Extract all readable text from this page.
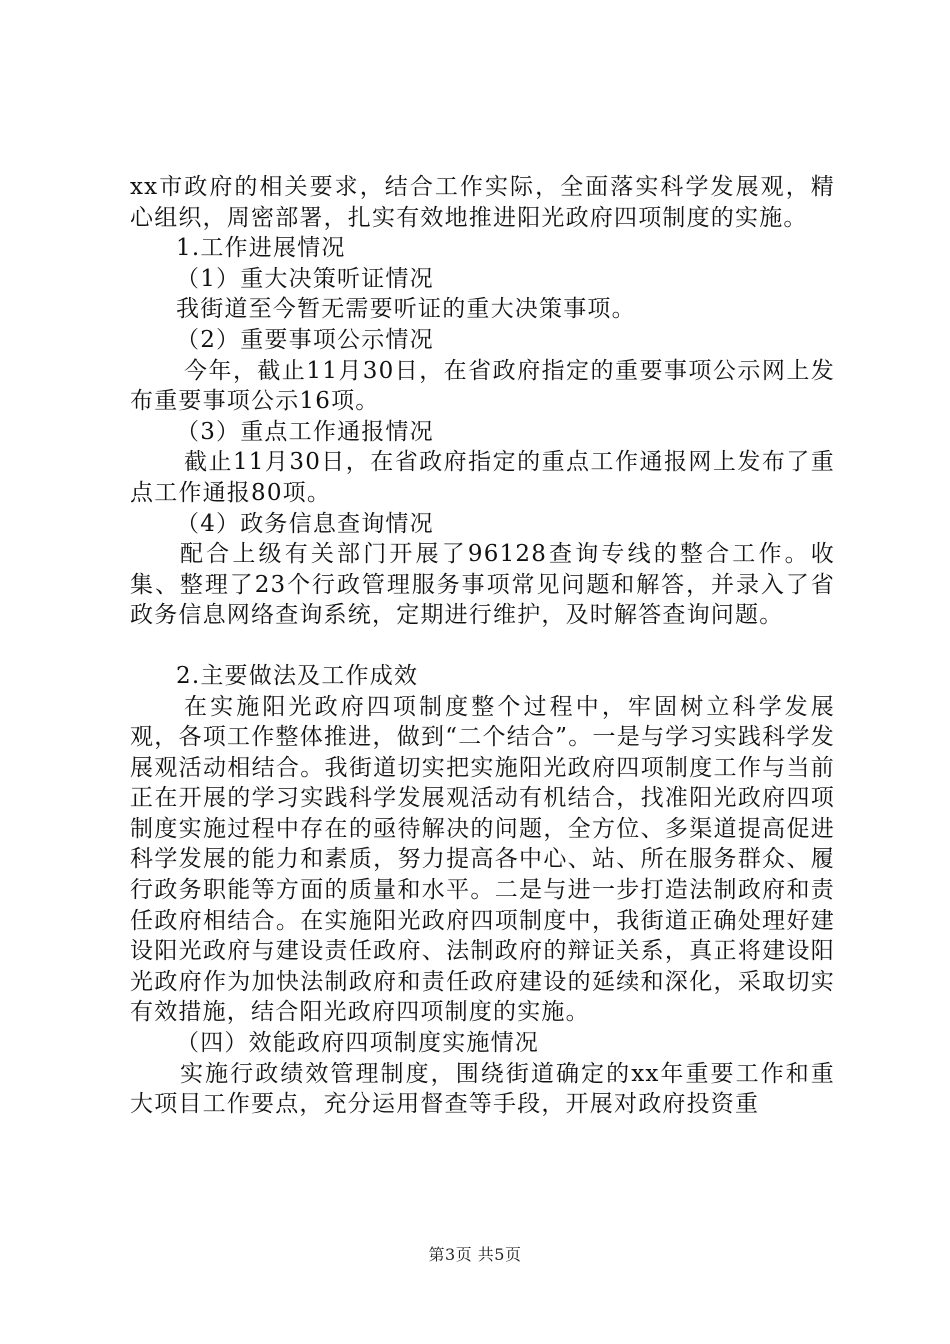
xx市政府的相关要求，结合工作实际，全面落实科学发展观，精心组织，周密部署，扎实有效地推进阳光政府四项制度的实施。

1.工作进展情况

（1）重大决策听证情况

我街道至今暂无需要听证的重大决策事项。

（2）重要事项公示情况

今年，截止11月30日，在省政府指定的重要事项公示网上发布重要事项公示16项。

（3）重点工作通报情况

截止11月30日，在省政府指定的重点工作通报网上发布了重点工作通报80项。

（4）政务信息查询情况

配合上级有关部门开展了96128查询专线的整合工作。收集、整理了23个行政管理服务事项常见问题和解答，并录入了省政务信息网络查询系统，定期进行维护，及时解答查询问题。

2.主要做法及工作成效

在实施阳光政府四项制度整个过程中，牢固树立科学发展观，各项工作整体推进，做到“二个结合”。一是与学习实践科学发展观活动相结合。我街道切实把实施阳光政府四项制度工作与当前正在开展的学习实践科学发展观活动有机结合，找准阳光政府四项制度实施过程中存在的亟待解决的问题，全方位、多渠道提高促进科学发展的能力和素质，努力提高各中心、站、所在服务群众、履行政务职能等方面的质量和水平。二是与进一步打造法制政府和责任政府相结合。在实施阳光政府四项制度中，我街道正确处理好建设阳光政府与建设责任政府、法制政府的辩证关系，真正将建设阳光政府作为加快法制政府和责任政府建设的延续和深化，采取切实有效措施，结合阳光政府四项制度的实施。

（四）效能政府四项制度实施情况

实施行政绩效管理制度，围绕街道确定的xx年重要工作和重大项目工作要点，充分运用督查等手段，开展对政府投资重

第3页 共5页
